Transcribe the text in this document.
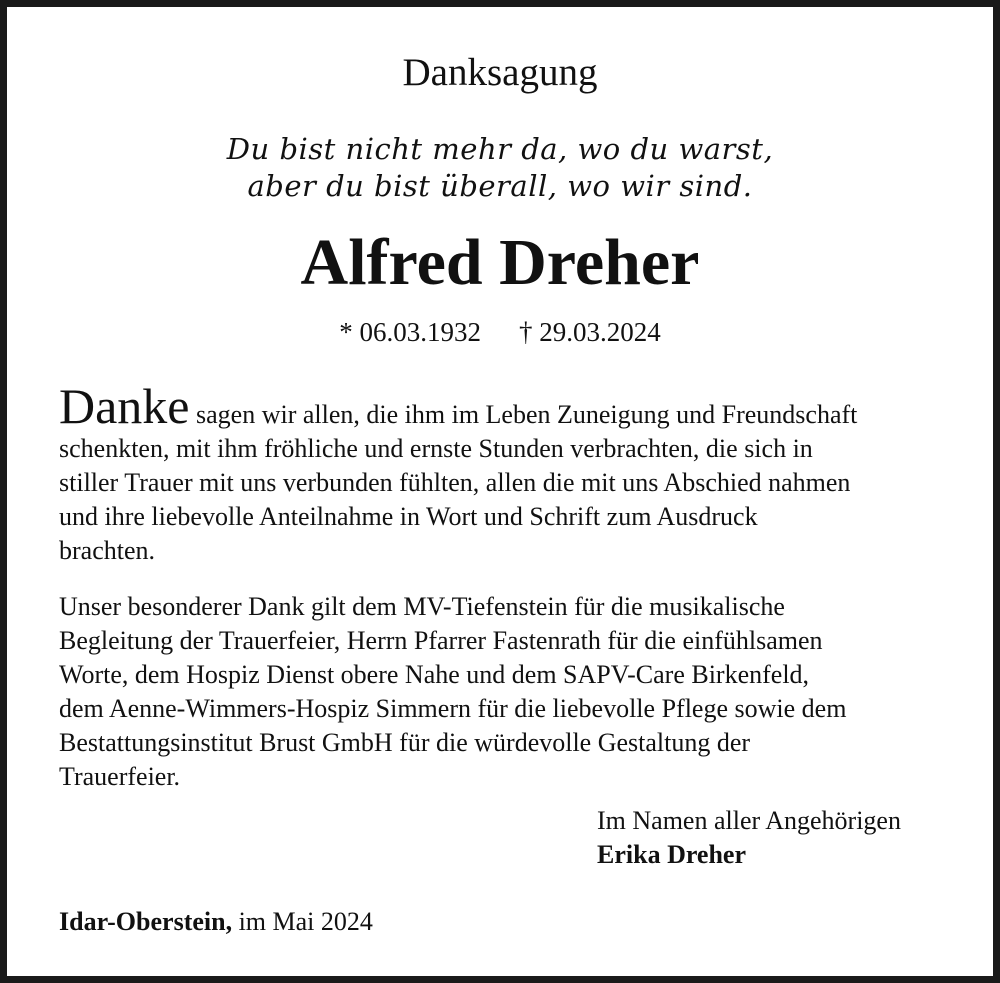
Danksagung
Du bist nicht mehr da, wo du warst,
aber du bist überall, wo wir sind.
Alfred Dreher
* 06.03.1932 † 29.03.2024

Danke sagen wir allen, die ihm im Leben Zuneigung und Freundschaft
schenkten, mit ihm fröhliche und ernste Stunden verbrachten, die sich in
stiller Trauer mit uns verbunden fühlten, allen die mit uns Abschied nahmen
und ihre liebevolle Anteilnahme in Wort und Schrift zum Ausdruck
brachten.

Unser besonderer Dank gilt dem MV-Tiefenstein für die musikalische
Begleitung der Trauerfeier, Herrn Pfarrer Fastenrath für die einfühlsamen
Worte, dem Hospiz Dienst obere Nahe und dem SAPV-Care Birkenfeld,
dem Aenne-Wimmers-Hospiz Simmern für die liebevolle Pflege sowie dem
Bestattungsinstitut Brust GmbH für die würdevolle Gestaltung der
Trauerfeier.

Im Namen aller Angehörigen
Erika Dreher
Idar-Oberstein, im Mai 2024
